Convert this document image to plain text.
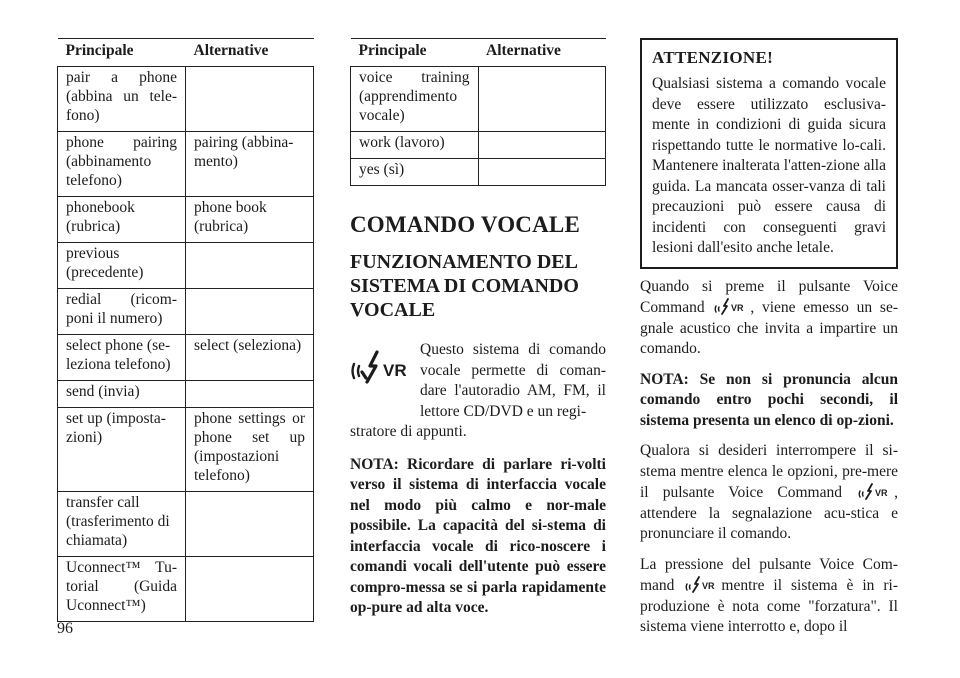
Principale	Alternative
pair a phone (abbina un tele-fono)	
phone pairing (abbinamento telefono)	pairing (abbina-mento)
phonebook (rubrica)	phone book (rubrica)
previous (precedente)	
redial (ricom-poni il numero)	
select phone (se-leziona telefono)	select (seleziona)
send (invia)	
set up (imposta-zioni)	phone settings or phone set up (impostazioni telefono)
transfer call (trasferimento di chiamata)	
Uconnect™ Tu-torial (Guida Uconnect™)	
Principale	Alternative
voice training (apprendimento vocale)	
work (lavoro)	
yes (sì)	
COMANDO VOCALE
FUNZIONAMENTO DEL SISTEMA DI COMANDO VOCALE
VR
Questo sistema di comando vocale permette di coman-dare l'autoradio AM, FM, il lettore CD/DVD e un regi-
stratore di appunti.

NOTA: Ricordare di parlare ri-volti verso il sistema di interfaccia vocale nel modo più calmo e nor-male possibile. La capacità del si-stema di interfaccia vocale di rico-noscere i comandi vocali dell'utente può essere compro-messa se si parla rapidamente op-pure ad alta voce.

ATTENZIONE!

Qualsiasi sistema a comando vocale deve essere utilizzato esclusiva-mente in condizioni di guida sicura rispettando tutte le normative lo-cali. Mantenere inalterata l'atten-zione alla guida. La mancata osser-vanza di tali precauzioni può essere causa di incidenti con conseguenti gravi lesioni dall'esito anche letale.

Quando si preme il pulsante Voice Command	VR , viene emesso un se-gnale acustico che invita a impartire un comando.

NOTA: Se non si pronuncia alcun comando entro pochi secondi, il sistema presenta un elenco di op-zioni.

Qualora si desideri interrompere il si-stema mentre elenca le opzioni, pre-mere il pulsante Voice Command	VR , attendere la segnalazione acu-stica e pronunciare il comando.

La pressione del pulsante Voice Com-mand	VR mentre il sistema è in ri-produzione è nota come "forzatura". Il sistema viene interrotto e, dopo il

96
